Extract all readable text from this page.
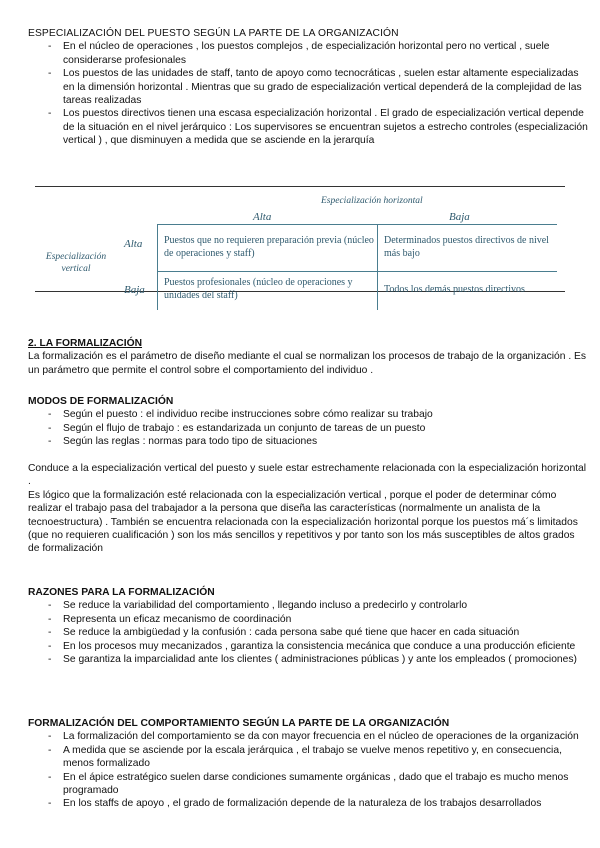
ESPECIALIZACIÓN DEL PUESTO SEGÚN LA PARTE DE LA ORGANIZACIÓN

- En el núcleo de operaciones , los puestos complejos , de especialización horizontal pero no vertical , suele considerarse profesionales
- Los puestos de las unidades de staff, tanto de apoyo como tecnocráticas , suelen estar altamente especializadas en la dimensión horizontal . Mientras que su grado de especialización vertical dependerá de la complejidad de las tareas realizadas
- Los puestos directivos tienen una escasa especialización horizontal . El grado de especialización vertical depende de la situación en el nivel jerárquico : Los supervisores se encuentran sujetos a estrecho controles (especialización vertical ) , que disminuyen a medida que se asciende en la jerarquía
Especialización horizontal
Alta	Baja
Especialización vertical
Alta
Baja
Puestos que no requieren preparación previa (núcleo de operaciones y staff)
Determinados puestos directivos de nivel más bajo
Puestos profesionales (núcleo de operaciones y unidades del staff)	Todos los demás puestos directivos

2. LA FORMALIZACIÓN

La formalización es el parámetro de diseño mediante el cual se normalizan los procesos de trabajo de la organización . Es un parámetro que permite el control sobre el comportamiento del individuo .

MODOS DE FORMALIZACIÓN

- Según el puesto : el individuo recibe instrucciones sobre cómo realizar su trabajo
- Según el flujo de trabajo : es estandarizada un conjunto de tareas de un puesto
- Según las reglas : normas para todo tipo de situaciones

Conduce a la especialización vertical del puesto y suele estar estrechamente relacionada con la especialización horizontal .

Es lógico que la formalización esté relacionada con la especialización vertical , porque el poder de determinar cómo realizar el trabajo pasa del trabajador a la persona que diseña las características (normalmente un analista de la tecnoestructura) . También se encuentra relacionada con la especialización horizontal porque los puestos má´s limitados (que no requieren cualificación ) son los más sencillos y repetitivos y por tanto son los más susceptibles de altos grados de formalización

RAZONES PARA LA FORMALIZACIÓN

- Se reduce la variabilidad del comportamiento , llegando incluso a predecirlo y controlarlo
- Representa un eficaz mecanismo de coordinación
- Se reduce la ambigüedad y la confusión : cada persona sabe qué tiene que hacer en cada situación
- En los procesos muy mecanizados , garantiza la consistencia mecánica que conduce a una producción eficiente
- Se garantiza la imparcialidad ante los clientes ( administraciones públicas ) y ante los empleados ( promociones)

FORMALIZACIÓN DEL COMPORTAMIENTO SEGÚN LA PARTE DE LA ORGANIZACIÓN

- La formalización del comportamiento se da con mayor frecuencia en el núcleo de operaciones de la organización
- A medida que se asciende por la escala jerárquica , el trabajo se vuelve menos repetitivo y, en consecuencia, menos formalizado
- En el ápice estratégico suelen darse condiciones sumamente orgánicas , dado que el trabajo es mucho menos programado
- En los staffs de apoyo , el grado de formalización depende de la naturaleza de los trabajos desarrollados
